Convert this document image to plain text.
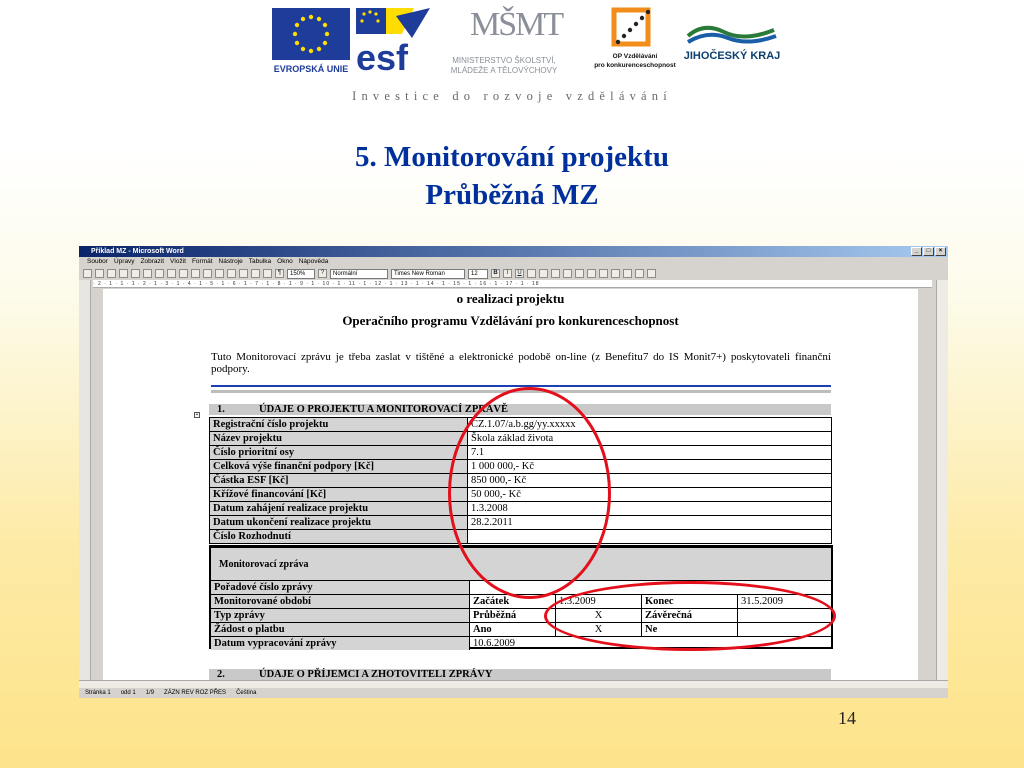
EVROPSKÁ UNIE esf
MŠMT
MINISTERSTVO ŠKOLSTVÍ,
MLÁDEŽE A TĚLOVÝCHOVY
OP Vzdělávání
pro konkurenceschopnost
JIHOČESKÝ KRAJ
Investice do rozvoje vzdělávání
5. Monitorování projektu
Průběžná MZ
Příklad MZ - Microsoft Word	_	□	×
Soubor Úpravy Zobrazit Vložit Formát Nástroje Tabulka Okno Nápověda
¶	150%	?	Normální	Times New Roman	12	B	I	U
· 2 · 1 · 1 · 1 · 2 · 1 · 3 · 1 · 4 · 1 · 5 · 1 · 6 · 1 · 7 · 1 · 8 · 1 · 9 · 1 · 10 · 1 · 11 · 1 · 12 · 1 · 13 · 1 · 14 · 1 · 15 · 1 · 16 · 1 · 17 · 1 · 18
o realizaci projektu
Operačního programu Vzdělávání pro konkurenceschopnost
Tuto Monitorovací zprávu je třeba zaslat v tištěné a elektronické podobě on-line (z Benefitu7 do IS Monit7+) poskytovateli finanční podpory.
+ 1.	ÚDAJE O PROJEKTU A MONITOROVACÍ ZPRÁVĚ
Registrační číslo projektu	CZ.1.07/a.b.gg/yy.xxxxx
Název projektu	Škola základ života
Číslo prioritní osy	7.1
Celková výše finanční podpory [Kč]	1 000 000,- Kč
Částka ESF [Kč]	850 000,- Kč
Křížové financování [Kč]	50 000,- Kč
Datum zahájení realizace projektu	1.3.2008
Datum ukončení realizace projektu	28.2.2011
Číslo Rozhodnutí	
Monitorovací zpráva
Pořadové číslo zprávy
Monitorované období	Začátek	1.3.2009	Konec	31.5.2009
Typ zprávy	Průběžná	X	Závěrečná
Žádost o platbu	Ano	X	Ne
Datum vypracování zprávy	10.6.2009
2.	ÚDAJE O PŘÍJEMCI A ZHOTOVITELI ZPRÁVY
Stránka 1 odd 1 1/9 ZÁZN REV ROZ PŘES Čeština
14
